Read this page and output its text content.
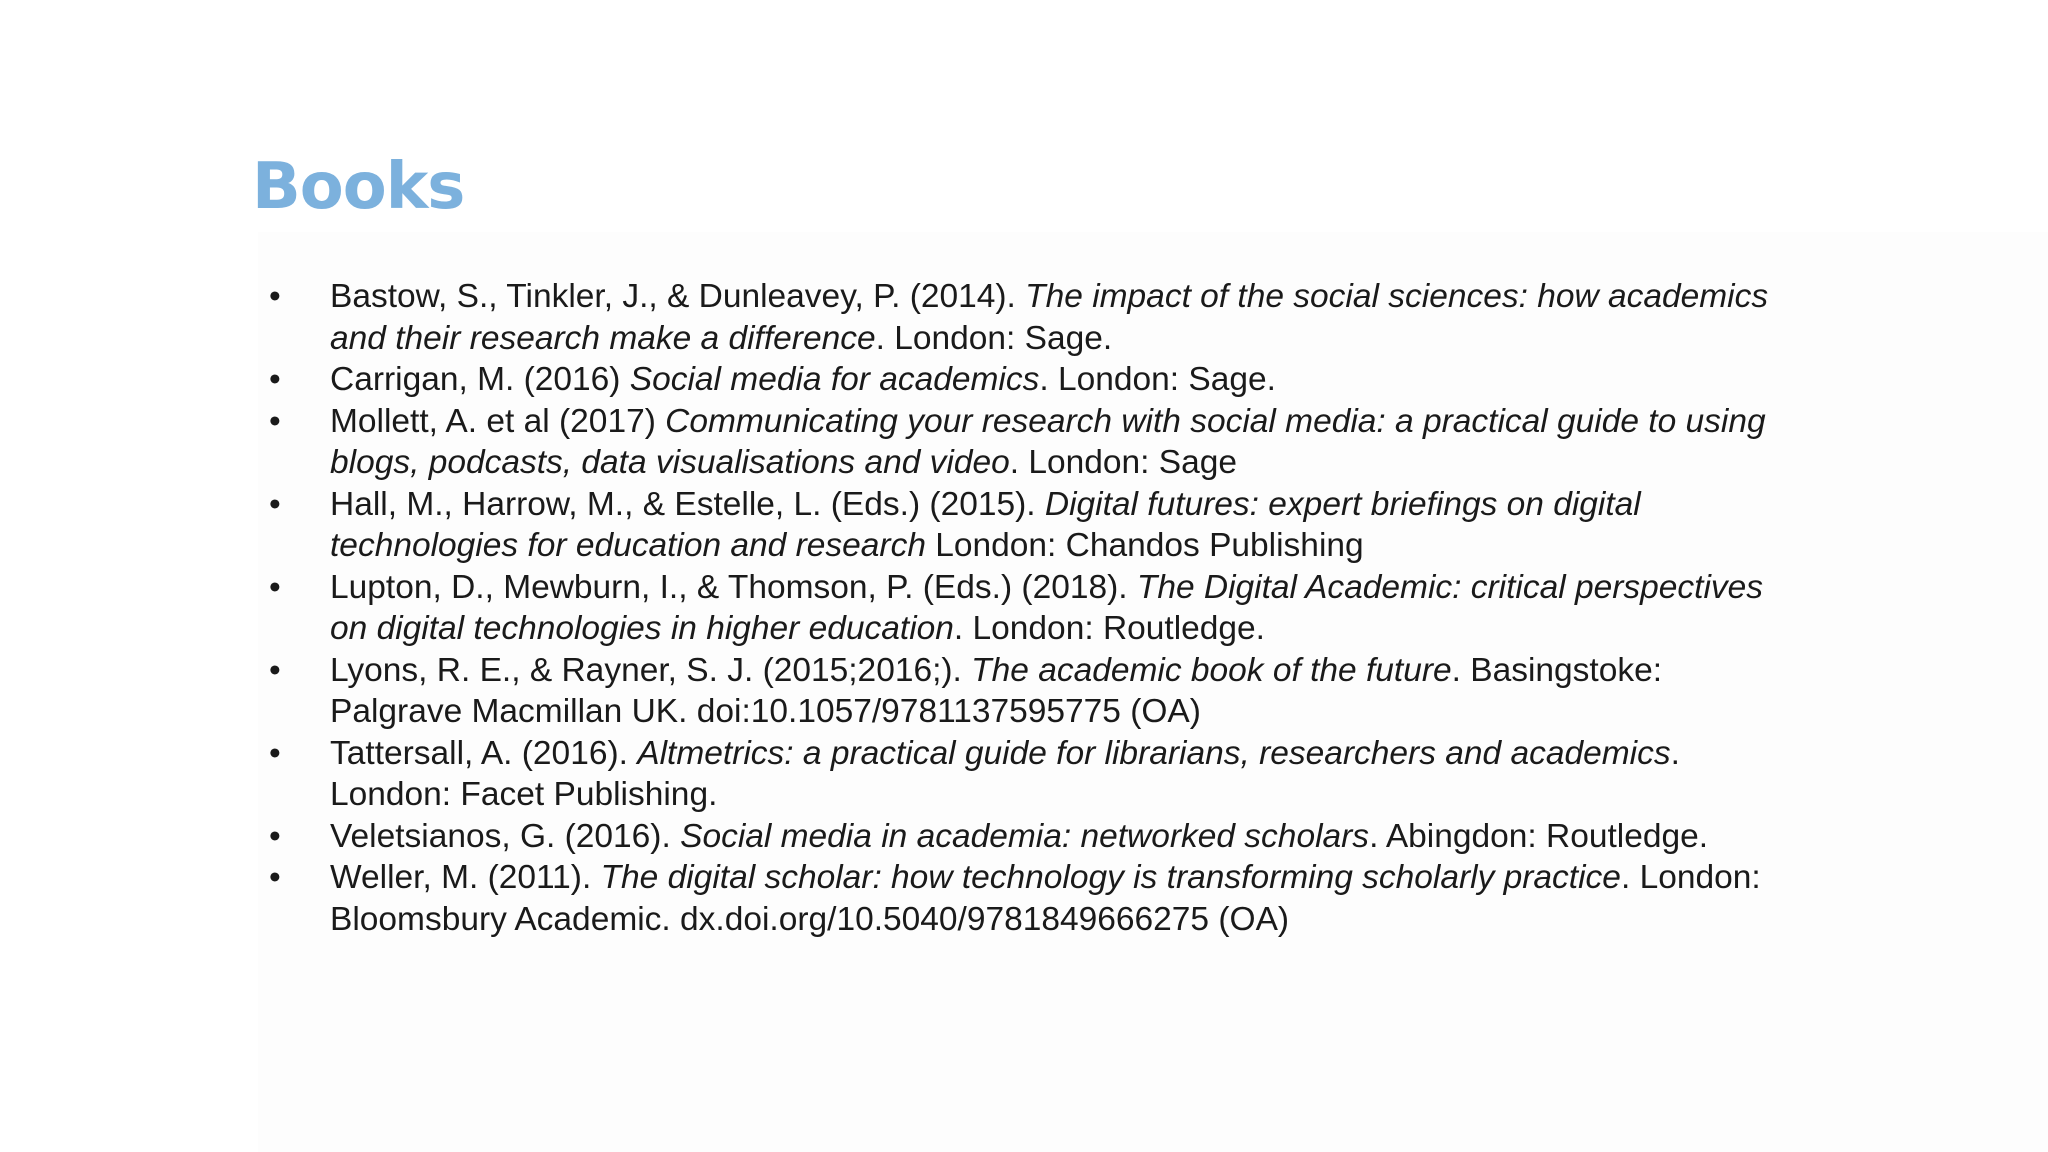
Books
• Bastow, S., Tinkler, J., & Dunleavey, P. (2014). The impact of the social sciences: how academics and their research make a difference. London: Sage.
• Carrigan, M. (2016) Social media for academics. London: Sage.
• Mollett, A. et al (2017) Communicating your research with social media: a practical guide to using blogs, podcasts, data visualisations and video. London: Sage
• Hall, M., Harrow, M., & Estelle, L. (Eds.) (2015). Digital futures: expert briefings on digital technologies for education and research London: Chandos Publishing
• Lupton, D., Mewburn, I., & Thomson, P. (Eds.) (2018). The Digital Academic: critical perspectives on digital technologies in higher education. London: Routledge.
• Lyons, R. E., & Rayner, S. J. (2015;2016;). The academic book of the future. Basingstoke: Palgrave Macmillan UK. doi:10.1057/9781137595775 (OA)
• Tattersall, A. (2016). Altmetrics: a practical guide for librarians, researchers and academics. London: Facet Publishing.
• Veletsianos, G. (2016). Social media in academia: networked scholars. Abingdon: Routledge.
• Weller, M. (2011). The digital scholar: how technology is transforming scholarly practice. London: Bloomsbury Academic. dx.doi.org/10.5040/9781849666275 (OA)
